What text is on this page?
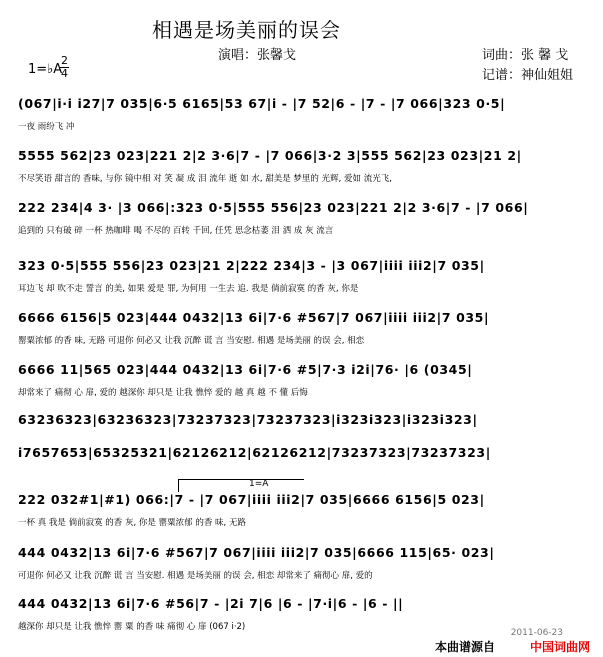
相遇是场美丽的误会
演唱：张馨戈	词曲：张 馨 戈
记谱：神仙姐姐
1=♭A
2
4
(067|i·i i27|7 035|6·5 6165|53 67|i - |7 52|6 - |7 - |7 066|323 0·5|
一夜 雨纷飞 冲
5555 562|23 023|221 2|2 3·6|7 - |7 066|3·2 3|555 562|23 023|21 2|
不尽笑语 甜言的 香味, 与你 镜中相 对 笑 凝 成 泪 流年 逝 如 水, 甜美是 梦里的 光辉, 爱如 流光飞,
222 234|4 3· |3 066|:323 0·5|555 556|23 023|221 2|2 3·6|7 - |7 066|
追到的 只有破 碎 一杯 热咖啡 喝 不尽的 百转 千回, 任凭 思念枯萎 泪 洒 成 灰 流言
323 0·5|555 556|23 023|21 2|222 234|3 - |3 067|iiii iii2|7 035|
耳边飞 却 吹不走 誓言 的美, 如果 爱是 罪, 为何用 一生去 追. 我是 倘前寂寞 的香 灰, 你是
6666 6156|5 023|444 0432|13 6i|7·6 #567|7 067|iiii iii2|7 035|
罂粟浓郁 的香 味, 无路 可退你 何必又 让我 沉醉 谎 言 当安慰. 相遇 是场美丽 的误 会, 相恋
6666 11|565 023|444 0432|13 6i|7·6 #5|7·3 i2i|76· |6 (0345|
却常来了 痛彻 心 扉, 爱的 越深你 却只是 让我 憔悴 爱的 越 真 越 不 懂 后悔
63236323|63236323|73237323|73237323|i323i323|i323i323|
i7657653|65325321|62126212|62126212|73237323|73237323|
222 032#1|#1) 066:|7 - |7 067|iiii iii2|7 035|6666 6156|5 023|
一杯 真 我是 倘前寂寞 的香 灰, 你是 罂粟浓郁 的香 味, 无路
444 0432|13 6i|7·6 #567|7 067|iiii iii2|7 035|6666 115|65· 023|
可退你 何必又 让我 沉醉 谎 言 当安慰. 相遇 是场美丽 的误 会, 相恋 却常来了 痛彻心 扉, 爱的
444 0432|13 6i|7·6 #56|7 - |2i 7|6 |6 - |7·i|6 - |6 - ||
越深你 却只是 让我 憔悴 罂 粟 的香 味 痛彻 心 扉 (067 i·2)
1=A
2011-06-23
本曲谱源自	中国词曲网
